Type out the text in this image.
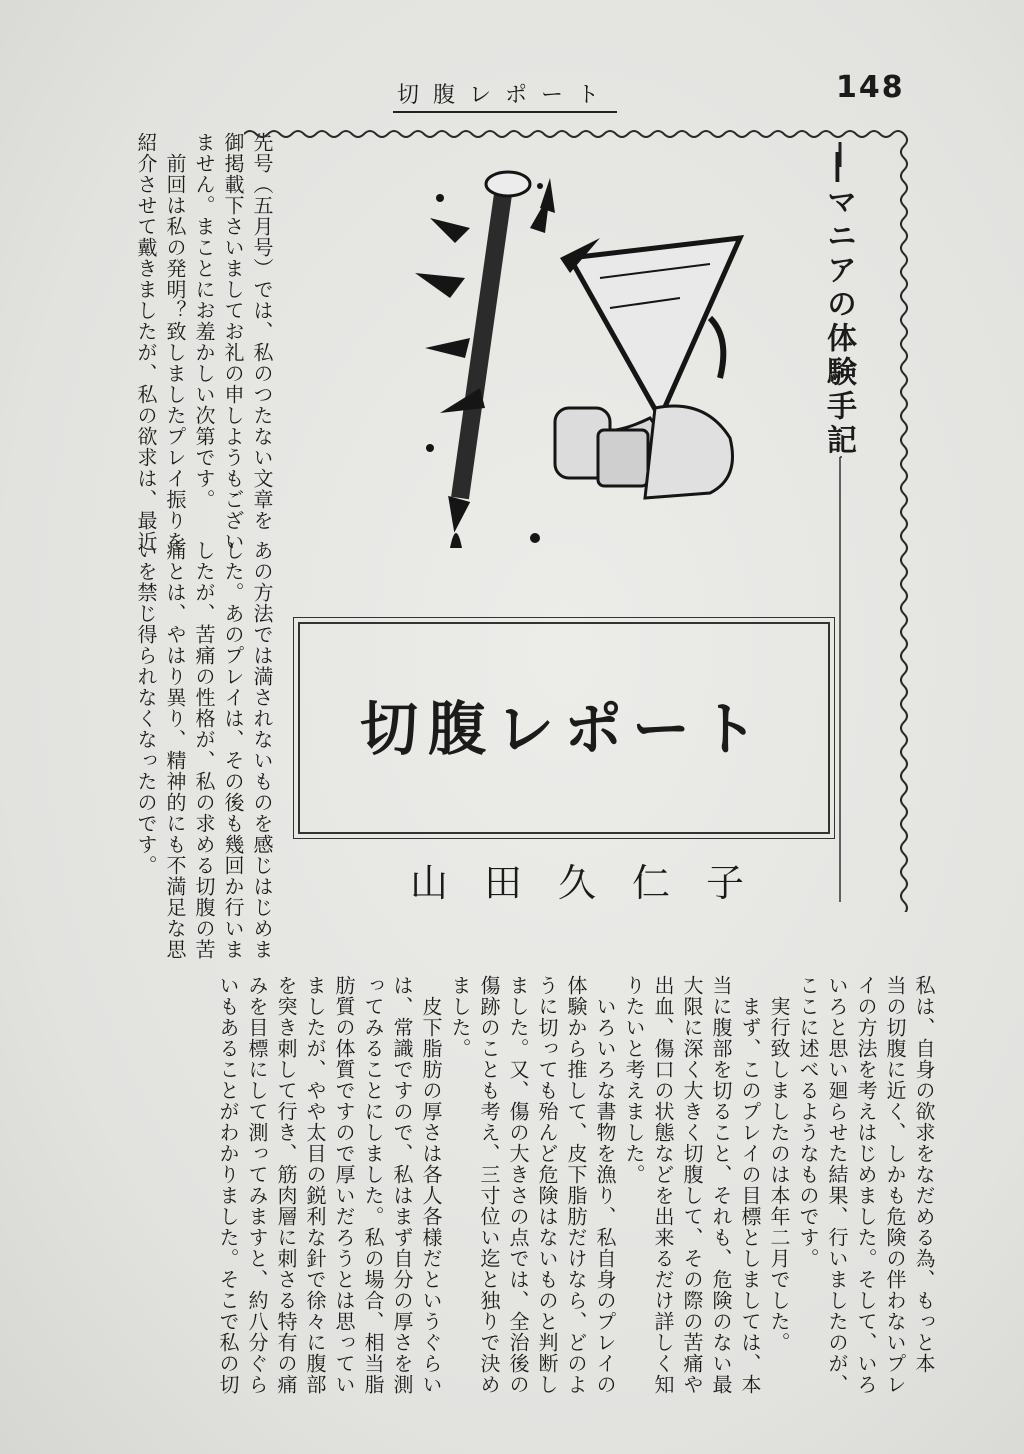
切腹レポート	148
先号（五月号）では、私のつたない文章を
御掲載下さいましてお礼の申しようもござい
ません。まことにお羞かしい次第です。
　前回は私の発明？致しましたプレイ振りを
紹介させて戴きましたが、私の欲求は、最近
あの方法では満されないものを感じはじめま
した。あのプレイは、その後も幾回か行いま
したが、苦痛の性格が、私の求める切腹の苦
痛とは、やはり異り、精神的にも不満足な思
いを禁じ得られなくなったのです。
―マニアの体験手記
切腹レポート
山田久仁子
私は、自身の欲求をなだめる為、もっと本
当の切腹に近く、しかも危険の伴わないプレ
イの方法を考えはじめました。そして、いろ
いろと思い廻らせた結果、行いましたのが、
ここに述べるようなものです。
　実行致しましたのは本年二月でした。
　まず、このプレイの目標としましては、本
当に腹部を切ること、それも、危険のない最
大限に深く大きく切腹して、その際の苦痛や
出血、傷口の状態などを出来るだけ詳しく知
りたいと考えました。
　いろいろな書物を漁り、私自身のプレイの
体験から推して、皮下脂肪だけなら、どのよ
うに切っても殆んど危険はないものと判断し
ました。又、傷の大きさの点では、全治後の
傷跡のことも考え、三寸位い迄と独りで決め
ました。
　皮下脂肪の厚さは各人各様だというぐらい
は、常識ですので、私はまず自分の厚さを測
ってみることにしました。私の場合、相当脂
肪質の体質ですので厚いだろうとは思ってい
ましたが、やや太目の鋭利な針で徐々に腹部
を突き刺して行き、筋肉層に刺さる特有の痛
みを目標にして測ってみますと、約八分ぐら
いもあることがわかりました。そこで私の切
